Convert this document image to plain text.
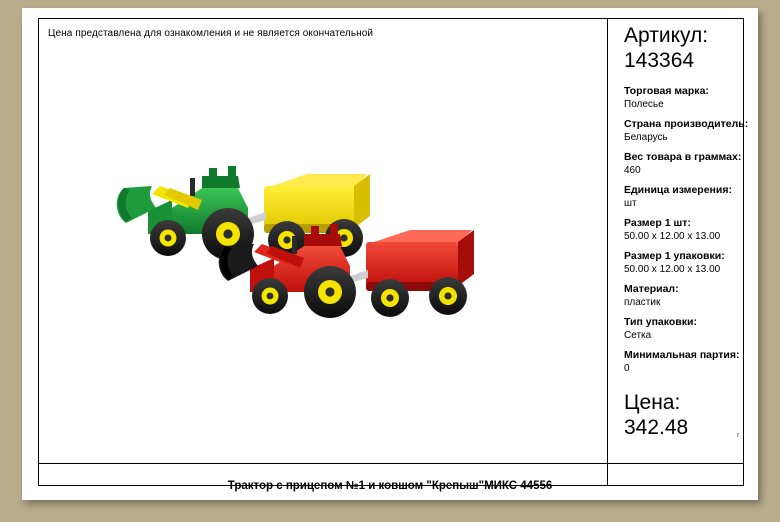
Цена представлена для ознакомления и не является окончательной	Артикул:
143364
Торговая марка:
Полесье
Страна производитель:
Беларусь
Вес товара в граммах:
460
Единица измерения:
шт
Размер 1 шт:
50.00 x 12.00 x 13.00
Размер 1 упаковки:
50.00 x 12.00 x 13.00
Материал:
пластик
Тип упаковки:
Сетка
Минимальная партия:
0
Цена:
342.48	г
Трактор с прицепом №1 и ковшом "Крепыш"МИКС 44556
